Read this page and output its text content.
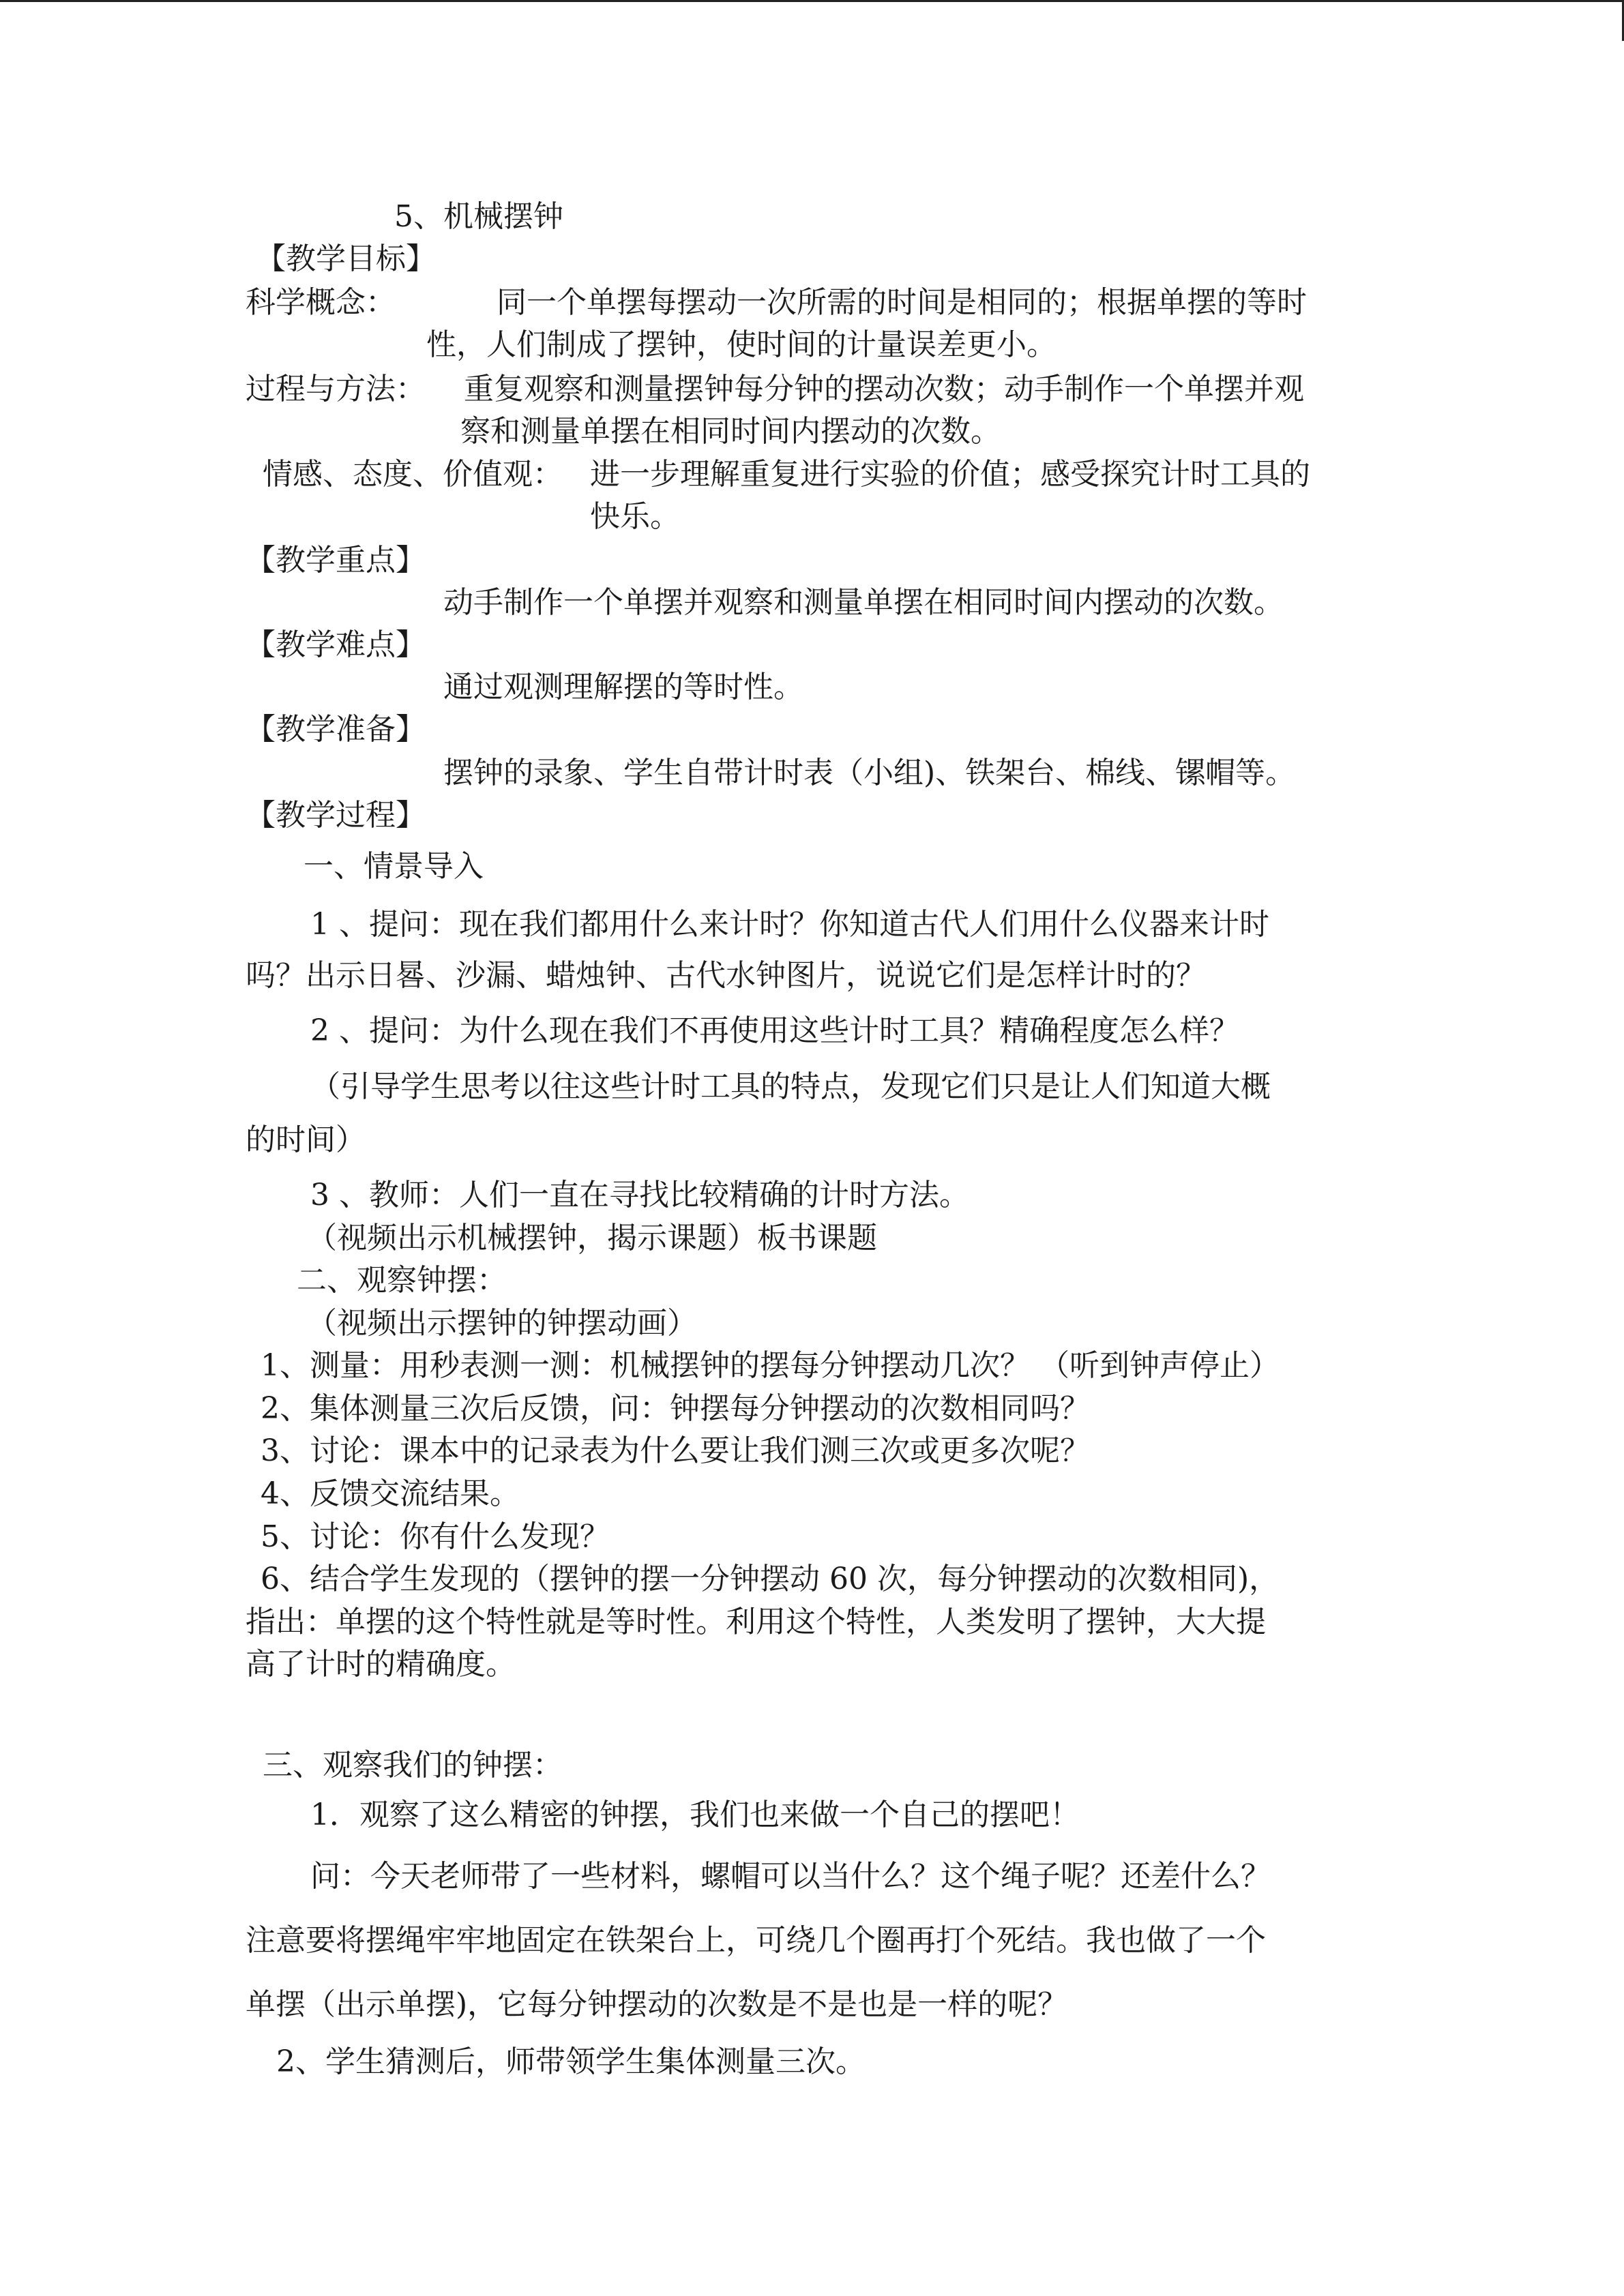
5、机械摆钟
【教学目标】
科学概念：	同一个单摆每摆动一次所需的时间是相同的；根据单摆的等时
性，人们制成了摆钟，使时间的计量误差更小。
过程与方法： 重复观察和测量摆钟每分钟的摆动次数；动手制作一个单摆并观
察和测量单摆在相同时间内摆动的次数。
情感、态度、价值观： 进一步理解重复进行实验的价值；感受探究计时工具的
快乐。
【教学重点】
动手制作一个单摆并观察和测量单摆在相同时间内摆动的次数。
【教学难点】
通过观测理解摆的等时性。
【教学准备】
摆钟的录象、学生自带计时表（小组)、铁架台、棉线、镙帽等。
【教学过程】
一、情景导入
1 、提问：现在我们都用什么来计时？你知道古代人们用什么仪器来计时
吗？出示日晷、沙漏、蜡烛钟、古代水钟图片，说说它们是怎样计时的？
2 、提问：为什么现在我们不再使用这些计时工具？精确程度怎么样？
（引导学生思考以往这些计时工具的特点，发现它们只是让人们知道大概
的时间）
3 、教师：人们一直在寻找比较精确的计时方法。
（视频出示机械摆钟，揭示课题）板书课题
二、观察钟摆：
（视频出示摆钟的钟摆动画）
1、测量：用秒表测一测：机械摆钟的摆每分钟摆动几次？ （听到钟声停止）
2、集体测量三次后反馈，问：钟摆每分钟摆动的次数相同吗？
3、讨论：课本中的记录表为什么要让我们测三次或更多次呢？
4、反馈交流结果。
5、讨论：你有什么发现？
6、结合学生发现的（摆钟的摆一分钟摆动 60 次，每分钟摆动的次数相同)，
指出：单摆的这个特性就是等时性。利用这个特性，人类发明了摆钟，大大提
高了计时的精确度。
三、观察我们的钟摆：
1．观察了这么精密的钟摆，我们也来做一个自己的摆吧！
问：今天老师带了一些材料，螺帽可以当什么？这个绳子呢？还差什么？
注意要将摆绳牢牢地固定在铁架台上，可绕几个圈再打个死结。我也做了一个
单摆（出示单摆)，它每分钟摆动的次数是不是也是一样的呢？
2、学生猜测后，师带领学生集体测量三次。
